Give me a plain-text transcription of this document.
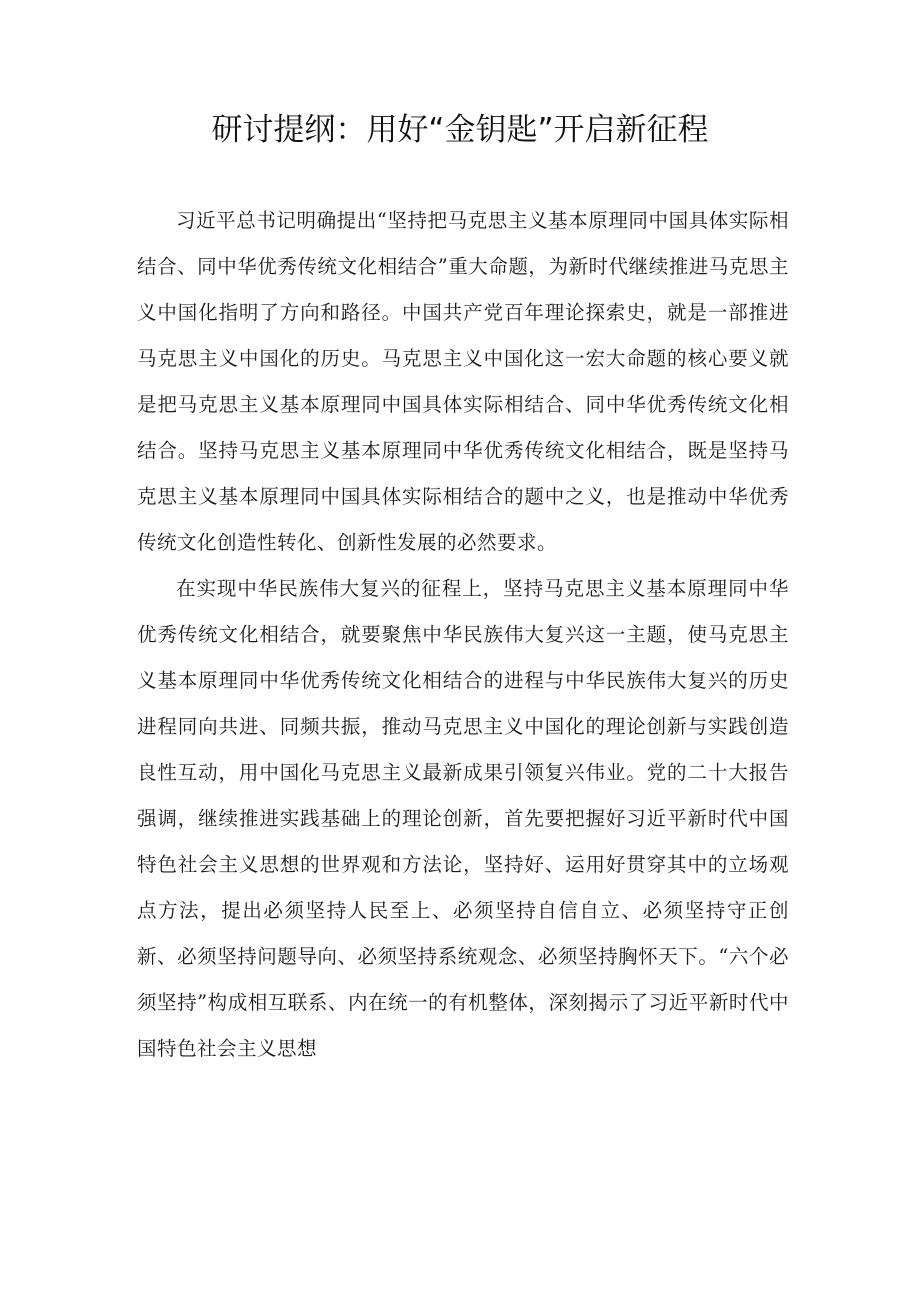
研讨提纲：用好“金钥匙”开启新征程

习近平总书记明确提出“坚持把马克思主义基本原理同中国具体实际相结合、同中华优秀传统文化相结合”重大命题，为新时代继续推进马克思主义中国化指明了方向和路径。中国共产党百年理论探索史，就是一部推进马克思主义中国化的历史。马克思主义中国化这一宏大命题的核心要义就是把马克思主义基本原理同中国具体实际相结合、同中华优秀传统文化相结合。坚持马克思主义基本原理同中华优秀传统文化相结合，既是坚持马克思主义基本原理同中国具体实际相结合的题中之义，也是推动中华优秀传统文化创造性转化、创新性发展的必然要求。

在实现中华民族伟大复兴的征程上，坚持马克思主义基本原理同中华优秀传统文化相结合，就要聚焦中华民族伟大复兴这一主题，使马克思主义基本原理同中华优秀传统文化相结合的进程与中华民族伟大复兴的历史进程同向共进、同频共振，推动马克思主义中国化的理论创新与实践创造良性互动，用中国化马克思主义最新成果引领复兴伟业。党的二十大报告强调，继续推进实践基础上的理论创新，首先要把握好习近平新时代中国特色社会主义思想的世界观和方法论，坚持好、运用好贯穿其中的立场观点方法，提出必须坚持人民至上、必须坚持自信自立、必须坚持守正创新、必须坚持问题导向、必须坚持系统观念、必须坚持胸怀天下。“六个必须坚持”构成相互联系、内在统一的有机整体，深刻揭示了习近平新时代中国特色社会主义思想
